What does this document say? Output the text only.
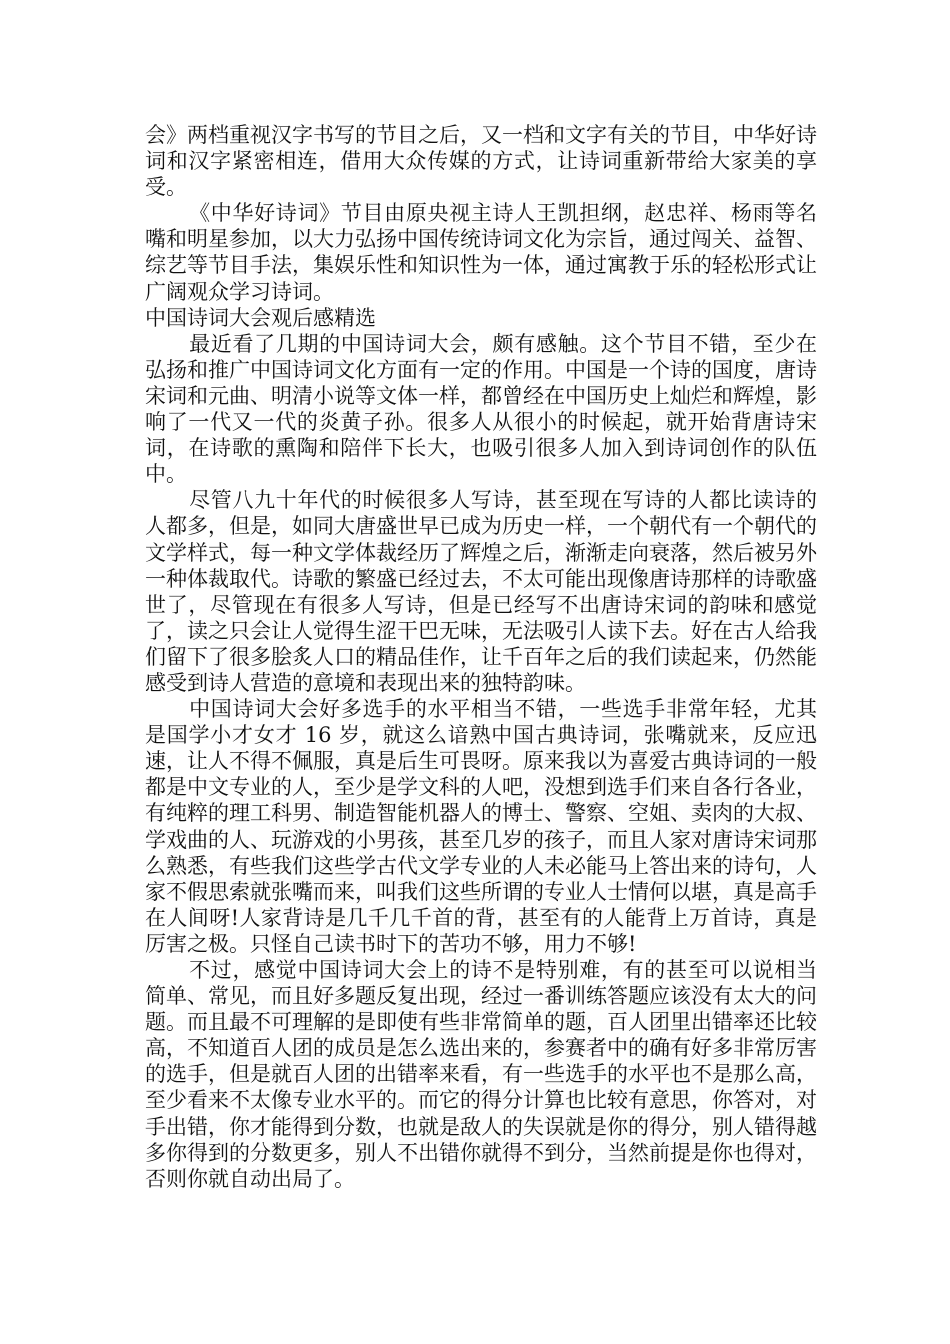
会》两档重视汉字书写的节目之后，又一档和文字有关的节目，中华好诗词和汉字紧密相连，借用大众传媒的方式，让诗词重新带给大家美的享受。

《中华好诗词》节目由原央视主诗人王凯担纲，赵忠祥、杨雨等名嘴和明星参加，以大力弘扬中国传统诗词文化为宗旨，通过闯关、益智、综艺等节目手法，集娱乐性和知识性为一体，通过寓教于乐的轻松形式让广阔观众学习诗词。

中国诗词大会观后感精选

最近看了几期的中国诗词大会，颇有感触。这个节目不错，至少在弘扬和推广中国诗词文化方面有一定的作用。中国是一个诗的国度，唐诗宋词和元曲、明清小说等文体一样，都曾经在中国历史上灿烂和辉煌，影响了一代又一代的炎黄子孙。很多人从很小的时候起，就开始背唐诗宋词，在诗歌的熏陶和陪伴下长大，也吸引很多人加入到诗词创作的队伍中。

尽管八九十年代的时候很多人写诗，甚至现在写诗的人都比读诗的人都多，但是，如同大唐盛世早已成为历史一样，一个朝代有一个朝代的文学样式，每一种文学体裁经历了辉煌之后，渐渐走向衰落，然后被另外一种体裁取代。诗歌的繁盛已经过去，不太可能出现像唐诗那样的诗歌盛世了，尽管现在有很多人写诗，但是已经写不出唐诗宋词的韵味和感觉了，读之只会让人觉得生涩干巴无味，无法吸引人读下去。好在古人给我们留下了很多脍炙人口的精品佳作，让千百年之后的我们读起来，仍然能感受到诗人营造的意境和表现出来的独特韵味。

中国诗词大会好多选手的水平相当不错，一些选手非常年轻，尤其是国学小才女才 16 岁，就这么谙熟中国古典诗词，张嘴就来，反应迅速，让人不得不佩服，真是后生可畏呀。原来我以为喜爱古典诗词的一般都是中文专业的人，至少是学文科的人吧，没想到选手们来自各行各业，有纯粹的理工科男、制造智能机器人的博士、警察、空姐、卖肉的大叔、学戏曲的人、玩游戏的小男孩，甚至几岁的孩子，而且人家对唐诗宋词那么熟悉，有些我们这些学古代文学专业的人未必能马上答出来的诗句，人家不假思索就张嘴而来，叫我们这些所谓的专业人士情何以堪，真是高手在人间呀!人家背诗是几千几千首的背，甚至有的人能背上万首诗，真是厉害之极。只怪自己读书时下的苦功不够，用力不够!

不过，感觉中国诗词大会上的诗不是特别难，有的甚至可以说相当简单、常见，而且好多题反复出现，经过一番训练答题应该没有太大的问题。而且最不可理解的是即使有些非常简单的题，百人团里出错率还比较高，不知道百人团的成员是怎么选出来的，参赛者中的确有好多非常厉害的选手，但是就百人团的出错率来看，有一些选手的水平也不是那么高，至少看来不太像专业水平的。而它的得分计算也比较有意思，你答对，对手出错，你才能得到分数，也就是敌人的失误就是你的得分，别人错得越多你得到的分数更多，别人不出错你就得不到分，当然前提是你也得对，否则你就自动出局了。
